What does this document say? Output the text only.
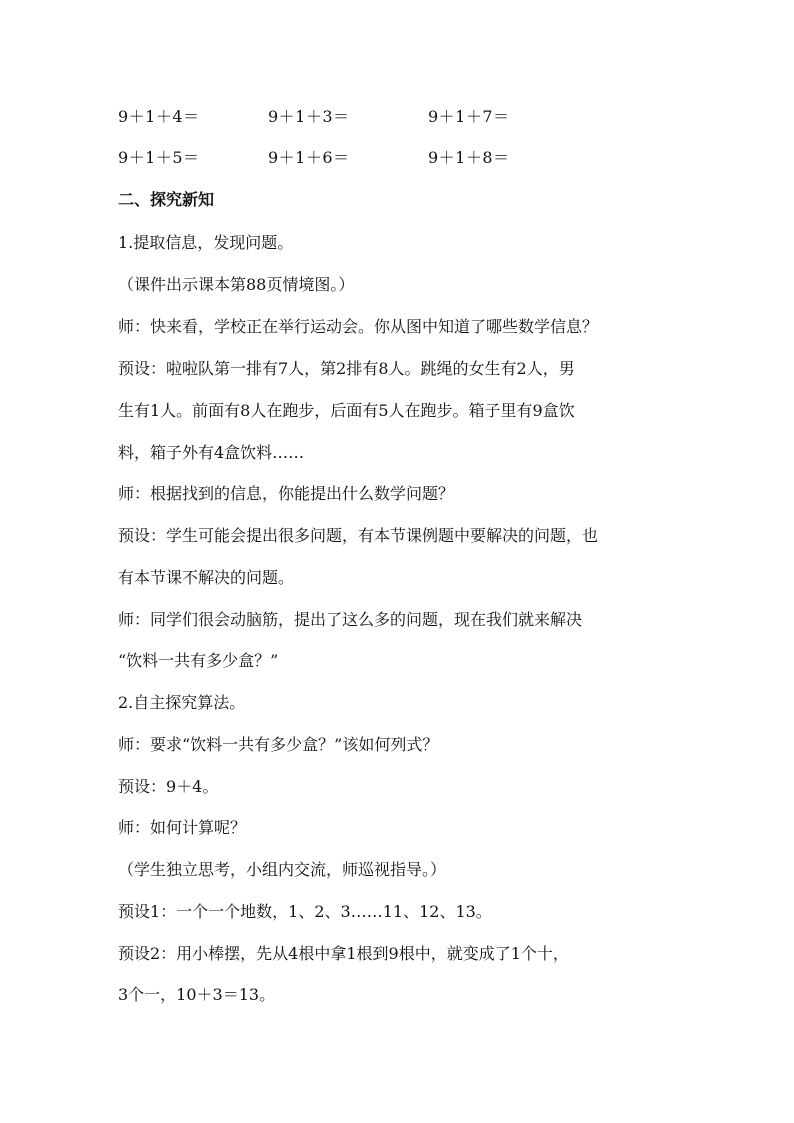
9＋1＋4＝	9＋1＋3＝	9＋1＋7＝
9＋1＋5＝	9＋1＋6＝	9＋1＋8＝
二、探究新知
1.提取信息，发现问题。
（课件出示课本第88页情境图。）
师：快来看，学校正在举行运动会。你从图中知道了哪些数学信息？
预设：啦啦队第一排有7人，第2排有8人。跳绳的女生有2人，男
生有1人。前面有8人在跑步，后面有5人在跑步。箱子里有9盒饮
料，箱子外有4盒饮料……
师：根据找到的信息，你能提出什么数学问题？
预设：学生可能会提出很多问题，有本节课例题中要解决的问题，也
有本节课不解决的问题。
师：同学们很会动脑筋，提出了这么多的问题，现在我们就来解决
“饮料一共有多少盒？”
2.自主探究算法。
师：要求“饮料一共有多少盒？”该如何列式？
预设：9＋4。
师：如何计算呢？
（学生独立思考，小组内交流，师巡视指导。）
预设1：一个一个地数，1、2、3……11、12、13。
预设2：用小棒摆，先从4根中拿1根到9根中，就变成了1个十，
3个一，10＋3＝13。
